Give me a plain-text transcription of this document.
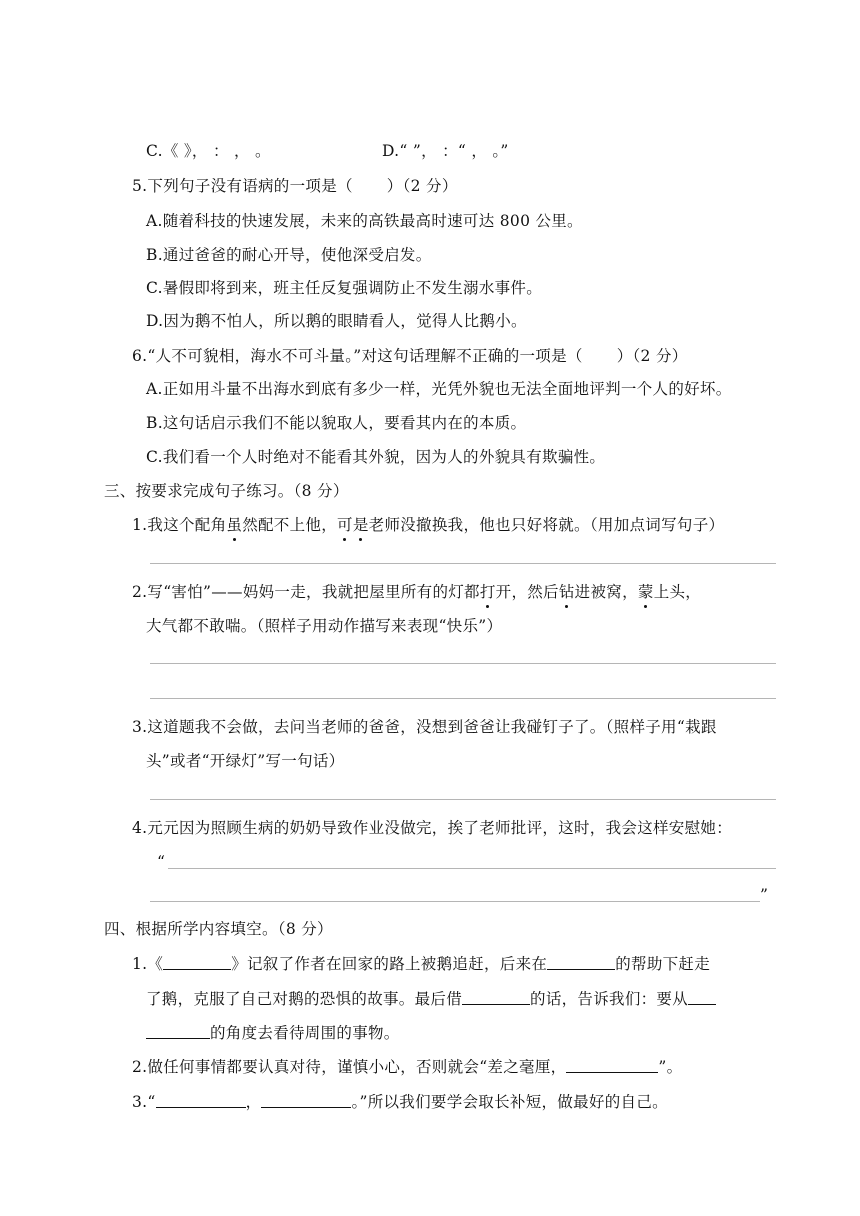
C.《 》， ： ， 。	D.“ ”， ：“ ， 。”
5.下列句子没有语病的一项是（ ）（2 分）
A.随着科技的快速发展，未来的高铁最高时速可达 800 公里。
B.通过爸爸的耐心开导，使他深受启发。
C.暑假即将到来，班主任反复强调防止不发生溺水事件。
D.因为鹅不怕人，所以鹅的眼睛看人，觉得人比鹅小。
6.“人不可貌相，海水不可斗量。”对这句话理解不正确的一项是（ ）（2 分）
A.正如用斗量不出海水到底有多少一样，光凭外貌也无法全面地评判一个人的好坏。
B.这句话启示我们不能以貌取人，要看其内在的本质。
C.我们看一个人时绝对不能看其外貌，因为人的外貌具有欺骗性。
三、按要求完成句子练习。（8 分）
1.我这个配角虽然配不上他，可是老师没撤换我，他也只好将就。（用加点词写句子）
2.写“害怕”——妈妈一走，我就把屋里所有的灯都打开，然后钻进被窝，蒙上头，
大气都不敢喘。（照样子用动作描写来表现“快乐”）
3.这道题我不会做，去问当老师的爸爸，没想到爸爸让我碰钉子了。（照样子用“栽跟
头”或者“开绿灯”写一句话）
4.元元因为照顾生病的奶奶导致作业没做完，挨了老师批评，这时，我会这样安慰她：
“
”
四、根据所学内容填空。（8 分）
1.《	》记叙了作者在回家的路上被鹅追赶，后来在	的帮助下赶走
了鹅，克服了自己对鹅的恐惧的故事。最后借	的话，告诉我们：要从
的角度去看待周围的事物。
2.做任何事情都要认真对待，谨慎小心，否则就会“差之毫厘，	”。
3.“	，	。”所以我们要学会取长补短，做最好的自己。
